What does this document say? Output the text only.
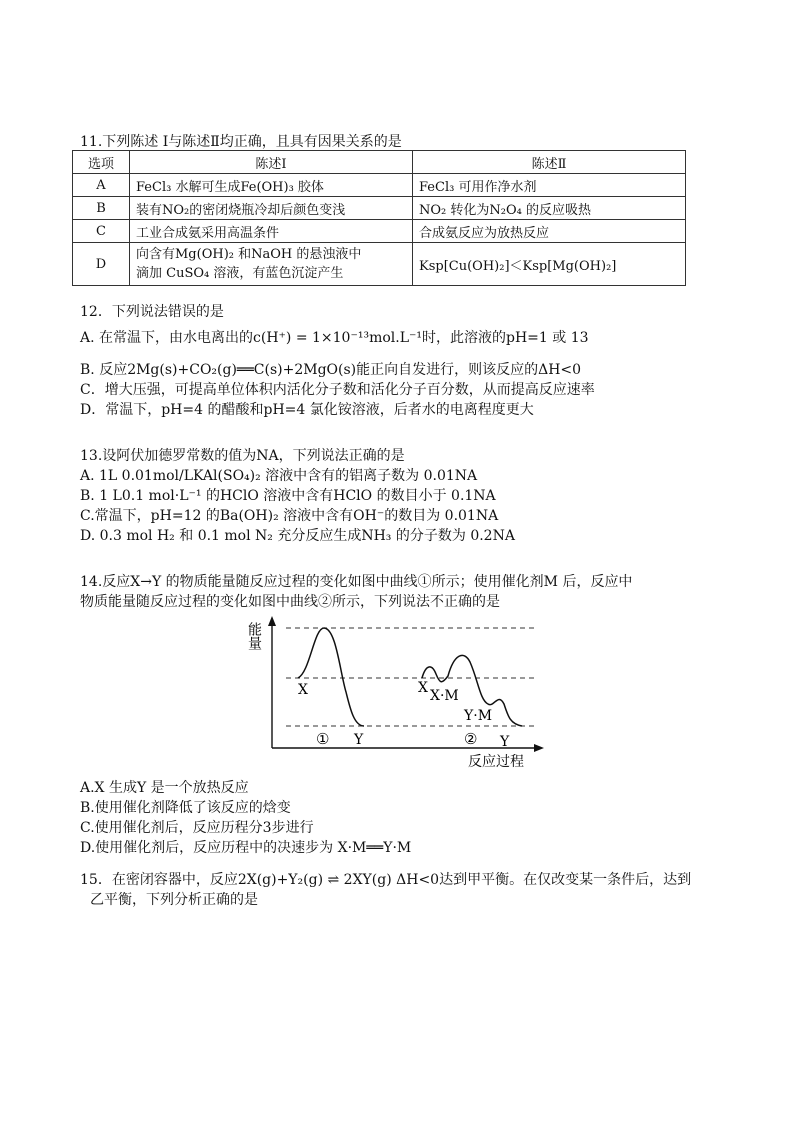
11.下列陈述 Ⅰ与陈述Ⅱ均正确，且具有因果关系的是
选项	陈述Ⅰ	陈述Ⅱ
A	FeCl₃ 水解可生成Fe(OH)₃ 胶体	FeCl₃ 可用作净水剂
B	装有NO₂的密闭烧瓶冷却后颜色变浅	NO₂ 转化为N₂O₄ 的反应吸热
C	工业合成氨采用高温条件	合成氨反应为放热反应
D	向含有Mg(OH)₂ 和NaOH 的悬浊液中
滴加 CuSO₄ 溶液，有蓝色沉淀产生	Ksp[Cu(OH)₂]＜Ksp[Mg(OH)₂]
12．下列说法错误的是
A. 在常温下，由水电离出的c(H⁺) = 1×10⁻¹³mol.L⁻¹时，此溶液的pH=1 或 13
B. 反应2Mg(s)+CO₂(g)══C(s)+2MgO(s)能正向自发进行，则该反应的ΔH<0
C．增大压强，可提高单位体积内活化分子数和活化分子百分数，从而提高反应速率
D．常温下，pH=4 的醋酸和pH=4 氯化铵溶液，后者水的电离程度更大
13.设阿伏加德罗常数的值为NA，下列说法正确的是
A. 1L 0.01mol/LKAl(SO₄)₂ 溶液中含有的铝离子数为 0.01NA
B. 1 L0.1 mol·L⁻¹ 的HClO 溶液中含有HClO 的数目小于 0.1NA
C.常温下，pH=12 的Ba(OH)₂ 溶液中含有OH⁻的数目为 0.01NA
D. 0.3 mol H₂ 和 0.1 mol N₂ 充分反应生成NH₃ 的分子数为 0.2NA
14.反应X→Y 的物质能量随反应过程的变化如图中曲线①所示；使用催化剂M 后，反应中
物质能量随反应过程的变化如图中曲线②所示，下列说法不正确的是
能量
反应过程
X
Y
①
X X·M
Y·M
② Y
A.X 生成Y 是一个放热反应
B.使用催化剂降低了该反应的焓变
C.使用催化剂后，反应历程分3步进行
D.使用催化剂后，反应历程中的决速步为 X·M══Y·M
15．在密闭容器中，反应2X(g)+Y₂(g) ⇌ 2XY(g) ΔH<0达到甲平衡。在仅改变某一条件后，达到
乙平衡，下列分析正确的是
